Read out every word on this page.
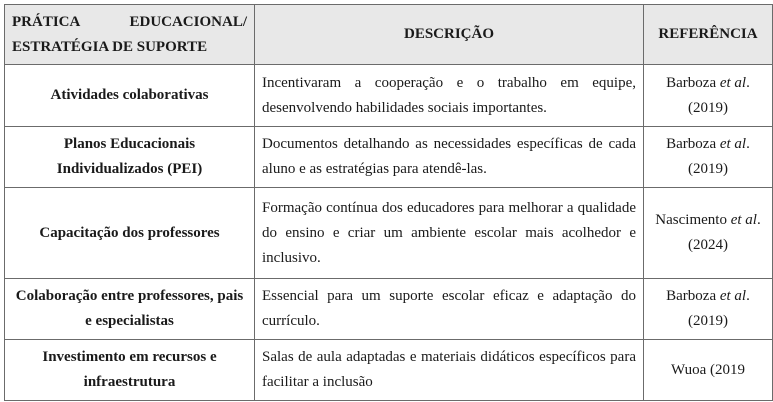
PRÁTICA EDUCACIONAL/ ESTRATÉGIA DE SUPORTE	DESCRIÇÃO	REFERÊNCIA
Atividades colaborativas	Incentivaram a cooperação e o trabalho em equipe, desenvolvendo habilidades sociais importantes.	Barboza et al. (2019)
Planos Educacionais Individualizados (PEI)	Documentos detalhando as necessidades específicas de cada aluno e as estratégias para atendê-las.	Barboza et al. (2019)
Capacitação dos professores	Formação contínua dos educadores para melhorar a qualidade do ensino e criar um ambiente escolar mais acolhedor e inclusivo.	Nascimento et al. (2024)
Colaboração entre professores, pais e especialistas	Essencial para um suporte escolar eficaz e adaptação do currículo.	Barboza et al. (2019)
Investimento em recursos e infraestrutura	Salas de aula adaptadas e materiais didáticos específicos para facilitar a inclusão	Wuoa (2019
